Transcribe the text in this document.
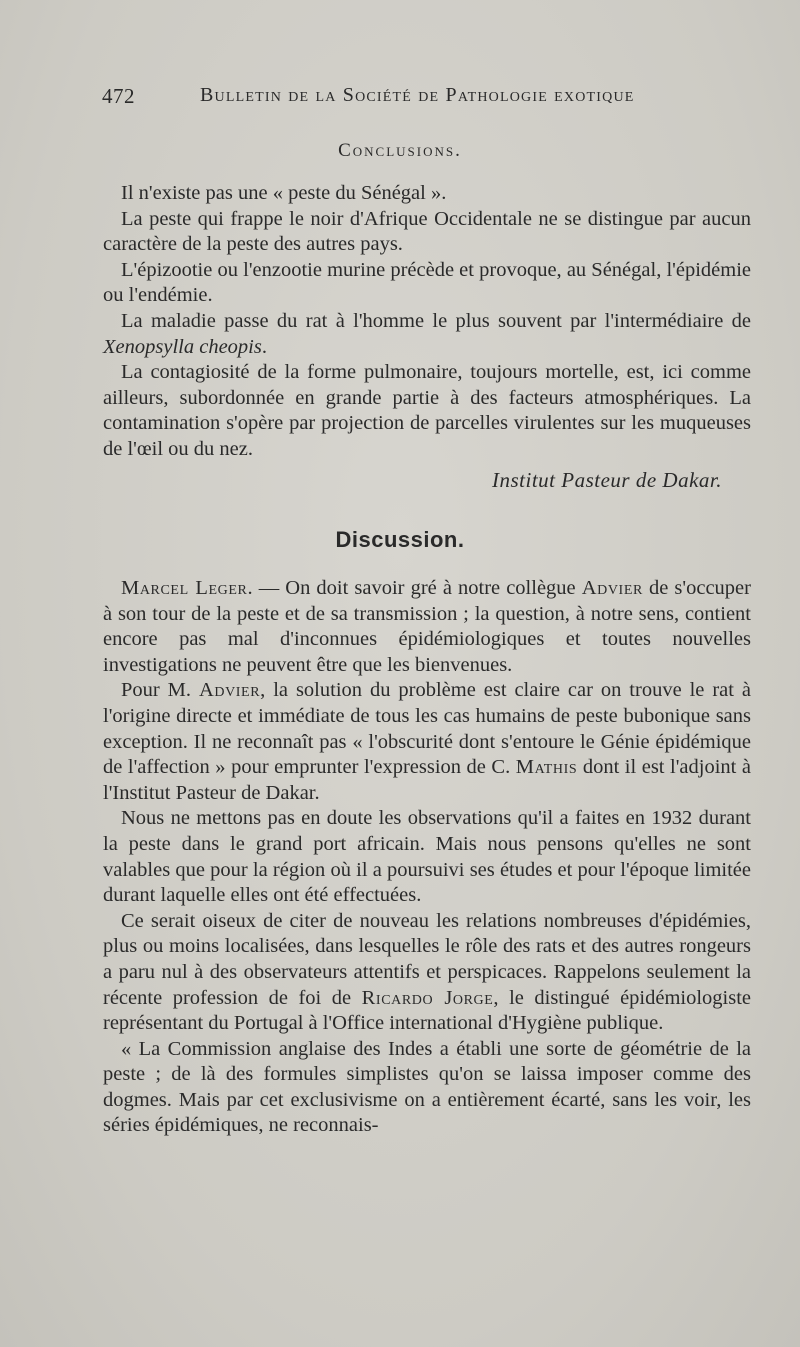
472	Bulletin de la Société de Pathologie exotique
Conclusions.

Il n'existe pas une « peste du Sénégal ».

La peste qui frappe le noir d'Afrique Occidentale ne se distingue par aucun caractère de la peste des autres pays.

L'épizootie ou l'enzootie murine précède et provoque, au Sénégal, l'épidémie ou l'endémie.

La maladie passe du rat à l'homme le plus souvent par l'intermédiaire de Xenopsylla cheopis.

La contagiosité de la forme pulmonaire, toujours mortelle, est, ici comme ailleurs, subordonnée en grande partie à des facteurs atmosphériques. La contamination s'opère par projection de parcelles virulentes sur les muqueuses de l'œil ou du nez.

Institut Pasteur de Dakar.
Discussion.

Marcel Leger. — On doit savoir gré à notre collègue Advier de s'occuper à son tour de la peste et de sa transmission ; la question, à notre sens, contient encore pas mal d'inconnues épidémiologiques et toutes nouvelles investigations ne peuvent être que les bienvenues.

Pour M. Advier, la solution du problème est claire car on trouve le rat à l'origine directe et immédiate de tous les cas humains de peste bubonique sans exception. Il ne reconnaît pas « l'obscurité dont s'entoure le Génie épidémique de l'affection » pour emprunter l'expression de C. Mathis dont il est l'adjoint à l'Institut Pasteur de Dakar.

Nous ne mettons pas en doute les observations qu'il a faites en 1932 durant la peste dans le grand port africain. Mais nous pensons qu'elles ne sont valables que pour la région où il a poursuivi ses études et pour l'époque limitée durant laquelle elles ont été effectuées.

Ce serait oiseux de citer de nouveau les relations nombreuses d'épidémies, plus ou moins localisées, dans lesquelles le rôle des rats et des autres rongeurs a paru nul à des observateurs attentifs et perspicaces. Rappelons seulement la récente profession de foi de Ricardo Jorge, le distingué épidémiologiste représentant du Portugal à l'Office international d'Hygiène publique.

« La Commission anglaise des Indes a établi une sorte de géométrie de la peste ; de là des formules simplistes qu'on se laissa imposer comme des dogmes. Mais par cet exclusivisme on a entièrement écarté, sans les voir, les séries épidémiques, ne reconnais-
